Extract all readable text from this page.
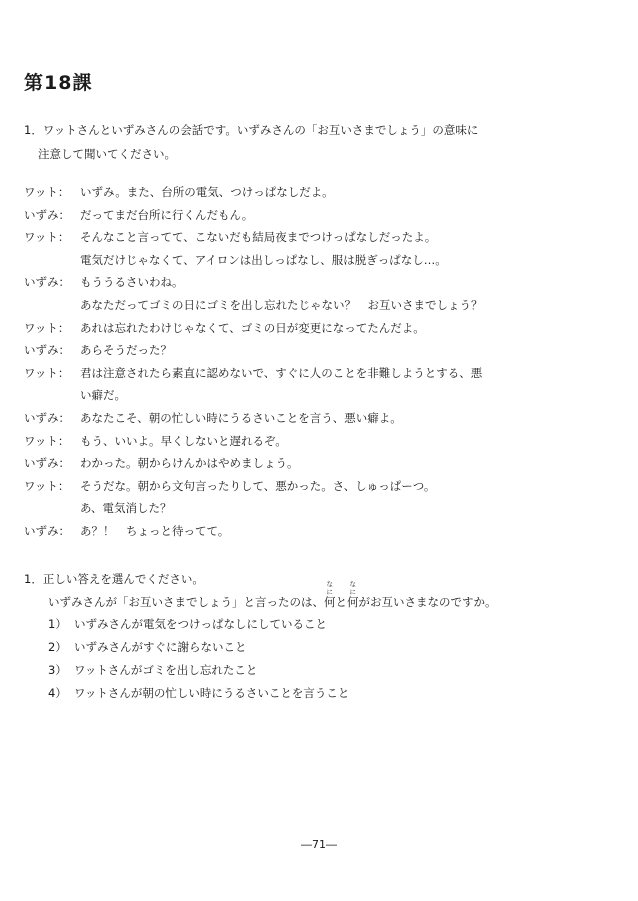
第18課
1．ワットさんといずみさんの会話です。いずみさんの「お互いさまでしょう」の意味に
注意して聞いてください。
ワット： いずみ。また、台所の電気、つけっぱなしだよ。
いずみ： だってまだ台所に行くんだもん。
ワット： そんなこと言ってて、こないだも結局夜までつけっぱなしだったよ。
電気だけじゃなくて、アイロンは出しっぱなし、服は脱ぎっぱなし…。
いずみ： もううるさいわね。
あなただってゴミの日にゴミを出し忘れたじゃない？　お互いさまでしょう？
ワット： あれは忘れたわけじゃなくて、ゴミの日が変更になってたんだよ。
いずみ： あらそうだった？
ワット： 君は注意されたら素直に認めないで、すぐに人のことを非難しようとする、悪
い癖だ。
いずみ： あなたこそ、朝の忙しい時にうるさいことを言う、悪い癖よ。
ワット： もう、いいよ。早くしないと遅れるぞ。
いずみ： わかった。朝からけんかはやめましょう。
ワット： そうだな。朝から文句言ったりして、悪かった。さ、しゅっぱーつ。
あ、電気消した？
いずみ： あ？！　ちょっと待ってて。
1．正しい答えを選んでください。
いずみさんが「お互いさまでしょう」と言ったのは、
なに
何と
なに
何がお互いさまなのですか。
1） いずみさんが電気をつけっぱなしにしていること
2） いずみさんがすぐに謝らないこと
3） ワットさんがゴミを出し忘れたこと
4） ワットさんが朝の忙しい時にうるさいことを言うこと
―71―
